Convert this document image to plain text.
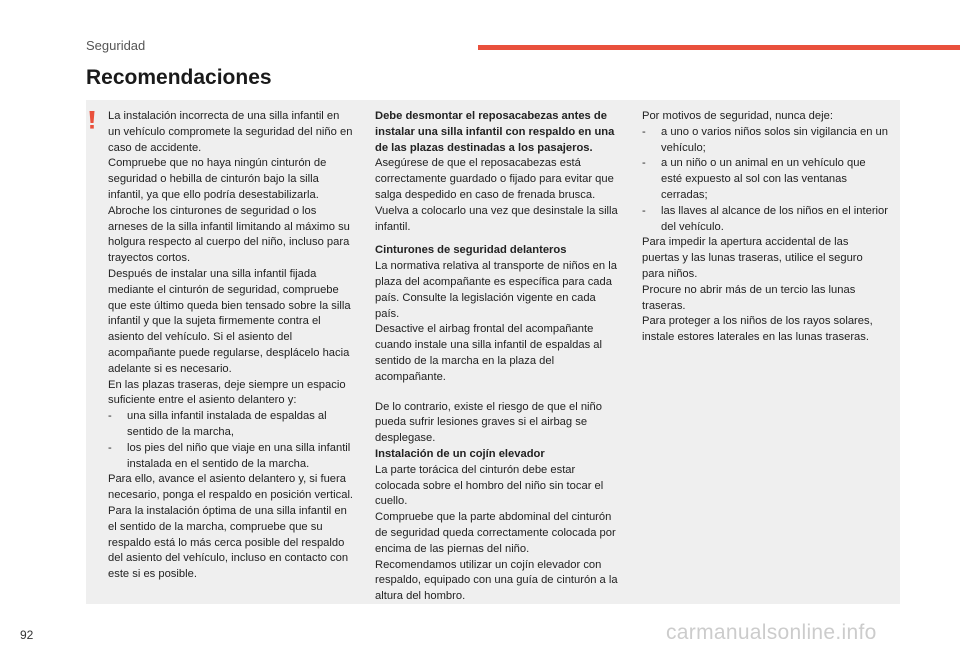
Seguridad
Recomendaciones

La instalación incorrecta de una silla infantil en un vehículo compromete la seguridad del niño en caso de accidente.

Compruebe que no haya ningún cinturón de seguridad o hebilla de cinturón bajo la silla infantil, ya que ello podría desestabilizarla.

Abroche los cinturones de seguridad o los arneses de la silla infantil limitando al máximo su holgura respecto al cuerpo del niño, incluso para trayectos cortos.

Después de instalar una silla infantil fijada mediante el cinturón de seguridad, compruebe que este último queda bien tensado sobre la silla infantil y que la sujeta firmemente contra el asiento del vehículo. Si el asiento del acompañante puede regularse, desplácelo hacia adelante si es necesario.

En las plazas traseras, deje siempre un espacio suficiente entre el asiento delantero y:

- una silla infantil instalada de espaldas al sentido de la marcha,

- los pies del niño que viaje en una silla infantil instalada en el sentido de la marcha.

Para ello, avance el asiento delantero y, si fuera necesario, ponga el respaldo en posición vertical.

Para la instalación óptima de una silla infantil en el sentido de la marcha, compruebe que su respaldo está lo más cerca posible del respaldo del asiento del vehículo, incluso en contacto con este si es posible.

Debe desmontar el reposacabezas antes de instalar una silla infantil con respaldo en una de las plazas destinadas a los pasajeros.

Asegúrese de que el reposacabezas está correctamente guardado o fijado para evitar que salga despedido en caso de frenada brusca. Vuelva a colocarlo una vez que desinstale la silla infantil.

Cinturones de seguridad delanteros

La normativa relativa al transporte de niños en la plaza del acompañante es específica para cada país. Consulte la legislación vigente en cada país.

Desactive el airbag frontal del acompañante cuando instale una silla infantil de espaldas al sentido de la marcha en la plaza del acompañante.

De lo contrario, existe el riesgo de que el niño pueda sufrir lesiones graves si el airbag se desplegase.

Instalación de un cojín elevador

La parte torácica del cinturón debe estar colocada sobre el hombro del niño sin tocar el cuello.

Compruebe que la parte abdominal del cinturón de seguridad queda correctamente colocada por encima de las piernas del niño.

Recomendamos utilizar un cojín elevador con respaldo, equipado con una guía de cinturón a la altura del hombro.

Por motivos de seguridad, nunca deje:

- a uno o varios niños solos sin vigilancia en un vehículo;

- a un niño o un animal en un vehículo que esté expuesto al sol con las ventanas cerradas;

- las llaves al alcance de los niños en el interior del vehículo.

Para impedir la apertura accidental de las puertas y las lunas traseras, utilice el seguro para niños.

Procure no abrir más de un tercio las lunas traseras.

Para proteger a los niños de los rayos solares, instale estores laterales en las lunas traseras.

92	carmanualsonline.info
